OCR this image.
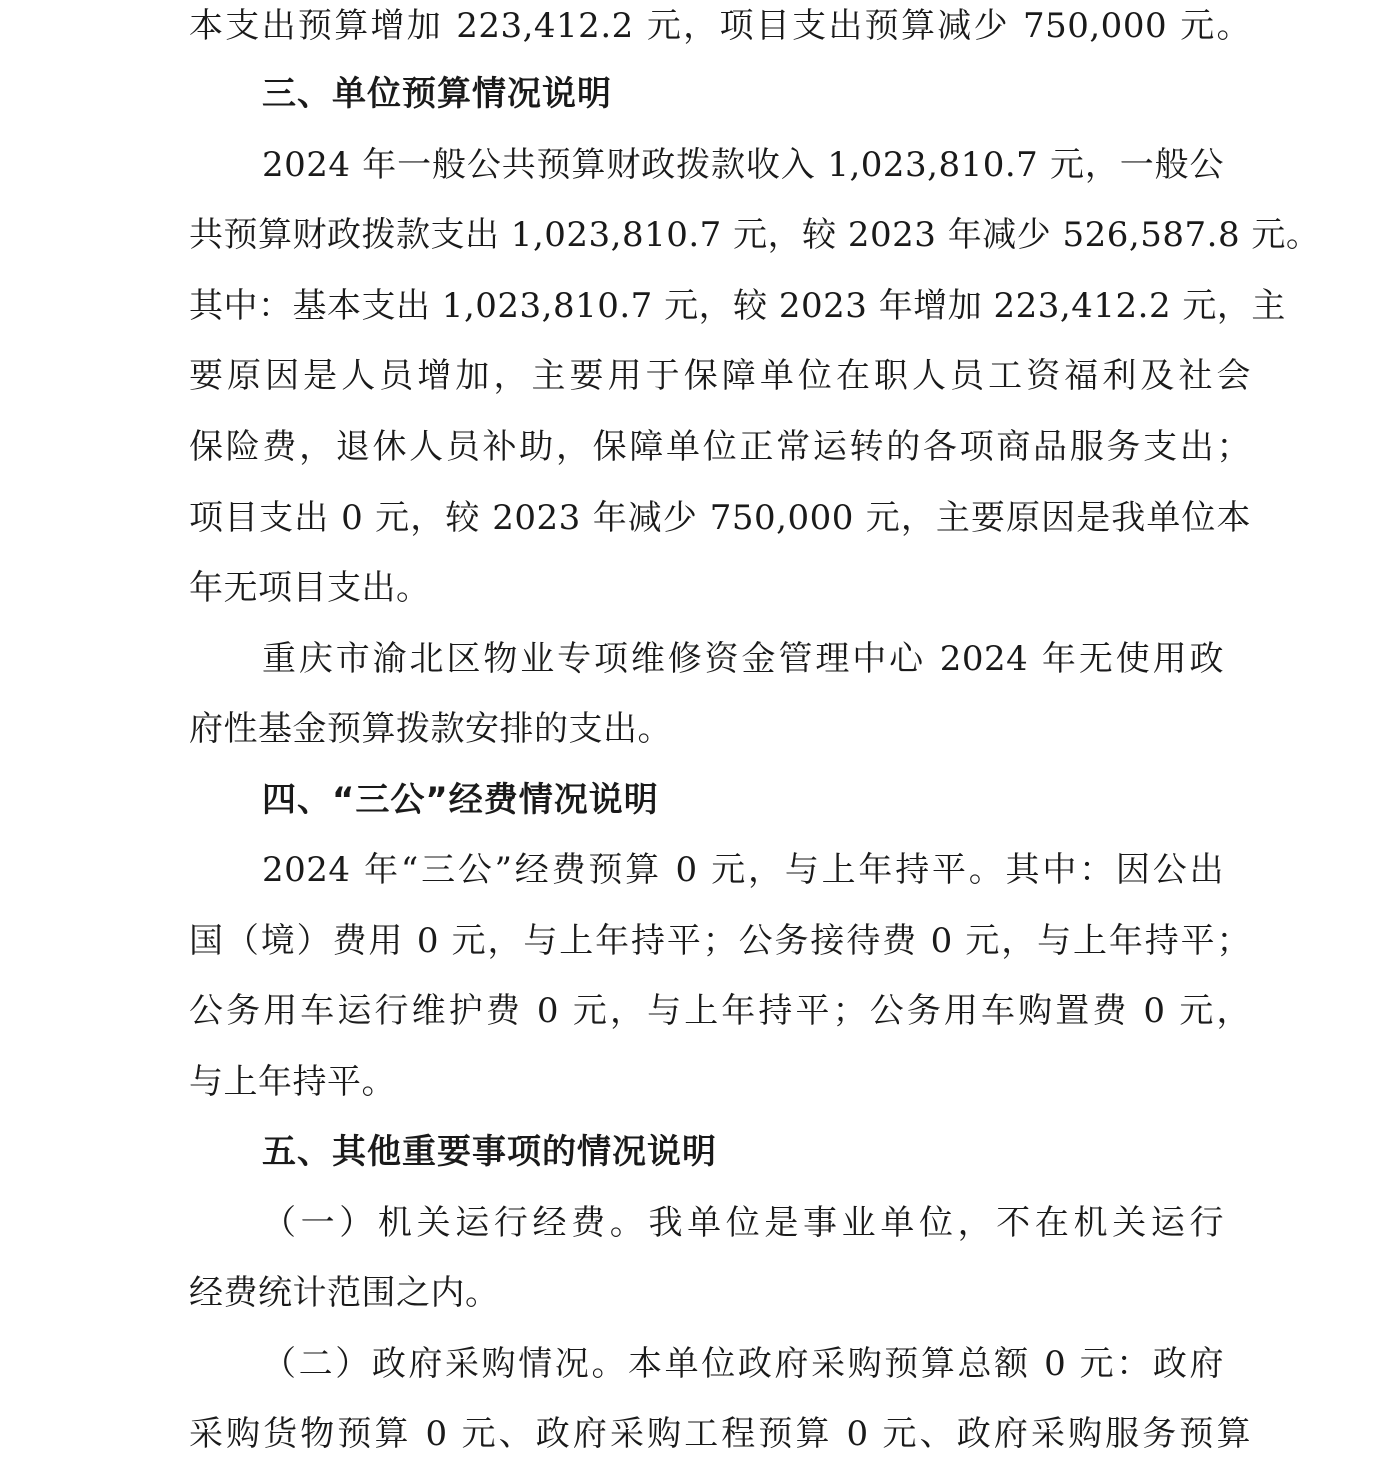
本支出预算增加 223,412.2 元，项目支出预算减少 750,000 元。
三、单位预算情况说明
2024 年一般公共预算财政拨款收入 1,023,810.7 元，一般公
共预算财政拨款支出 1,023,810.7 元，较 2023 年减少 526,587.8 元。
其中：基本支出 1,023,810.7 元，较 2023 年增加 223,412.2 元，主
要原因是人员增加，主要用于保障单位在职人员工资福利及社会
保险费，退休人员补助，保障单位正常运转的各项商品服务支出；
项目支出 0 元，较 2023 年减少 750,000 元，主要原因是我单位本
年无项目支出。
重庆市渝北区物业专项维修资金管理中心 2024 年无使用政
府性基金预算拨款安排的支出。
四、“三公”经费情况说明
2024 年“三公”经费预算 0 元，与上年持平。其中：因公出
国（境）费用 0 元，与上年持平；公务接待费 0 元，与上年持平；
公务用车运行维护费 0 元，与上年持平；公务用车购置费 0 元，
与上年持平。
五、其他重要事项的情况说明
（一）机关运行经费。我单位是事业单位，不在机关运行
经费统计范围之内。
（二）政府采购情况。本单位政府采购预算总额 0 元：政府
采购货物预算 0 元、政府采购工程预算 0 元、政府采购服务预算
